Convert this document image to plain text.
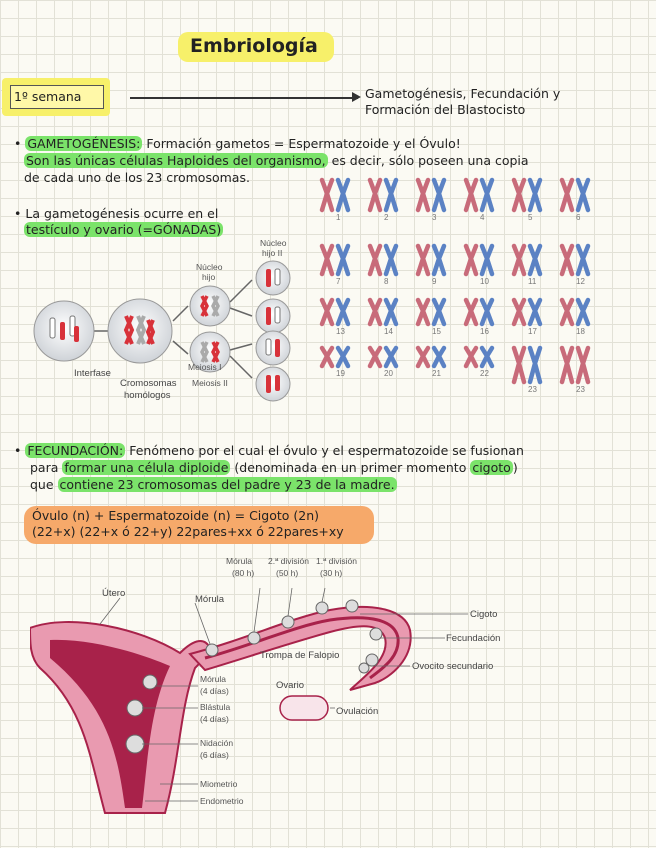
Embriología
1º semana	Gametogénesis, Fecundación y
Formación del Blastocisto
• GAMETOGÉNESIS: Formación gametos = Espermatozoide y el Óvulo!
Son las únicas células Haploides del organismo, es decir, sólo poseen una copia
de cada uno de los 23 cromosomas.
• La gametogénesis ocurre en el
testículo y ovario (=GÓNADAS)
Interfase
Cromosomas
homólogos
Meiosis I
Meiosis II
Núcleo
hijo
Núcleo
hijo II
1	2	3	4	5	6
7	8	9	10	11	12
13	14	15	16	17	18
19	20	21	22
23	23
• FECUNDACIÓN: Fenómeno por el cual el óvulo y el espermatozoide se fusionan
para formar una célula diploide (denominada en un primer momento cigoto )
que contiene 23 cromosomas del padre y 23 de la madre.
Óvulo (n) + Espermatozoide (n) = Cigoto (2n)
(22+x) (22+x ó 22+y) 22pares+xx ó 22pares+xy
Útero
Mórula
Mórula
(80 h)
2.ª división
(50 h)
1.ª división
(30 h)
Cigoto
Fecundación
Trompa de Falopio
Ovocito secundario
Ovario
Ovulación
Mórula
(4 días)
Blástula
(4 días)
Nidación
(6 días)
Miometrio
Endometrio
